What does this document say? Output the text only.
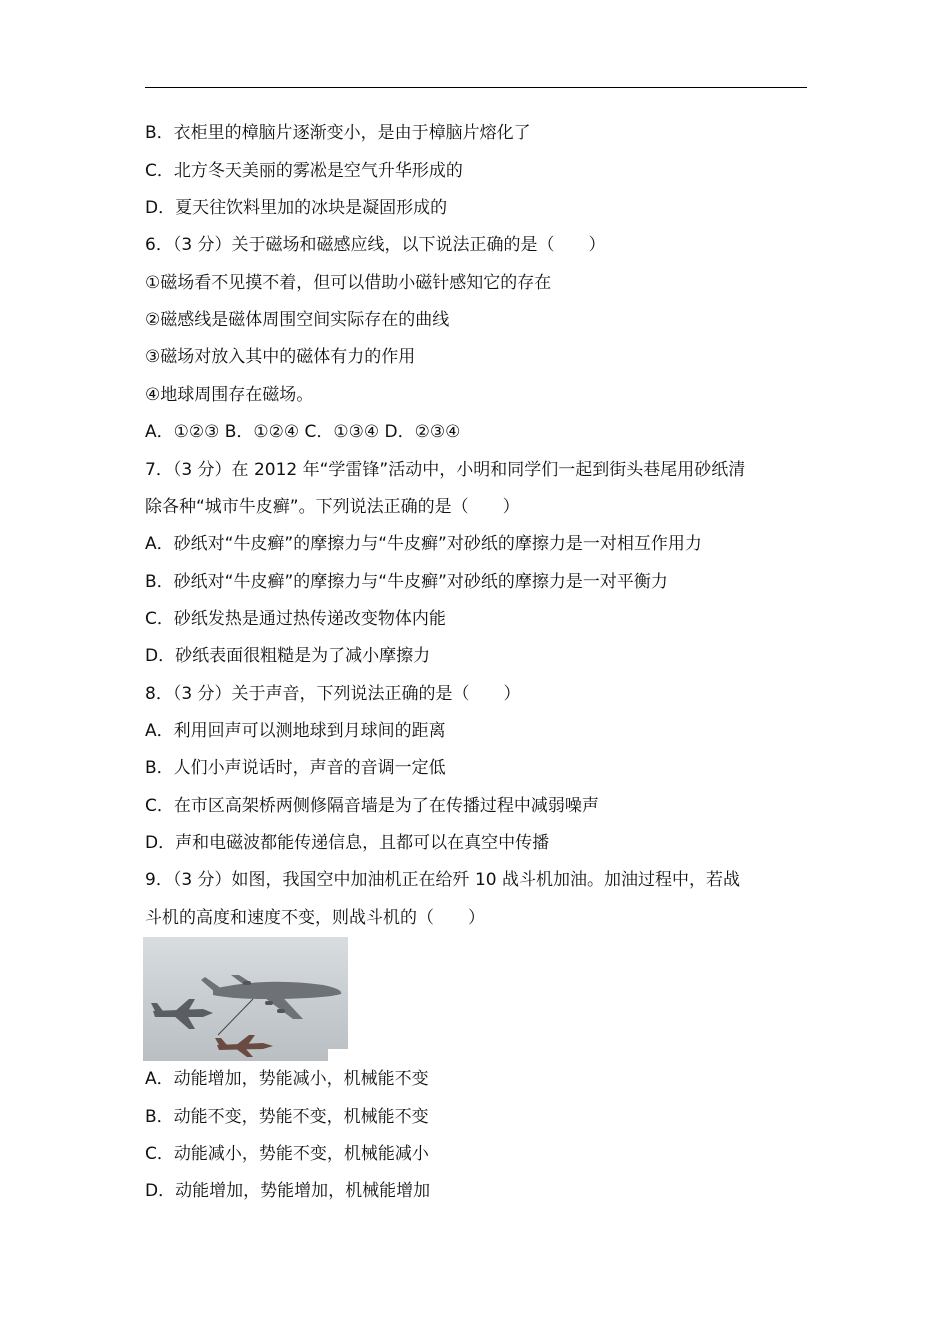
B．衣柜里的樟脑片逐渐变小，是由于樟脑片熔化了
C．北方冬天美丽的雾凇是空气升华形成的
D．夏天往饮料里加的冰块是凝固形成的
6．（3 分）关于磁场和磁感应线，以下说法正确的是（　　）
①磁场看不见摸不着，但可以借助小磁针感知它的存在
②磁感线是磁体周围空间实际存在的曲线
③磁场对放入其中的磁体有力的作用
④地球周围存在磁场。
A．①②③ B．①②④ C．①③④ D．②③④
7．（3 分）在 2012 年“学雷锋”活动中，小明和同学们一起到街头巷尾用砂纸清
除各种“城市牛皮癣”。下列说法正确的是（　　）
A．砂纸对“牛皮癣”的摩擦力与“牛皮癣”对砂纸的摩擦力是一对相互作用力
B．砂纸对“牛皮癣”的摩擦力与“牛皮癣”对砂纸的摩擦力是一对平衡力
C．砂纸发热是通过热传递改变物体内能
D．砂纸表面很粗糙是为了减小摩擦力
8．（3 分）关于声音，下列说法正确的是（　　）
A．利用回声可以测地球到月球间的距离
B．人们小声说话时，声音的音调一定低
C．在市区高架桥两侧修隔音墙是为了在传播过程中减弱噪声
D．声和电磁波都能传递信息，且都可以在真空中传播
9．（3 分）如图，我国空中加油机正在给歼 10 战斗机加油。加油过程中，若战
斗机的高度和速度不变，则战斗机的（　　）
A．动能增加，势能减小，机械能不变
B．动能不变，势能不变，机械能不变
C．动能减小，势能不变，机械能减小
D．动能增加，势能增加，机械能增加
